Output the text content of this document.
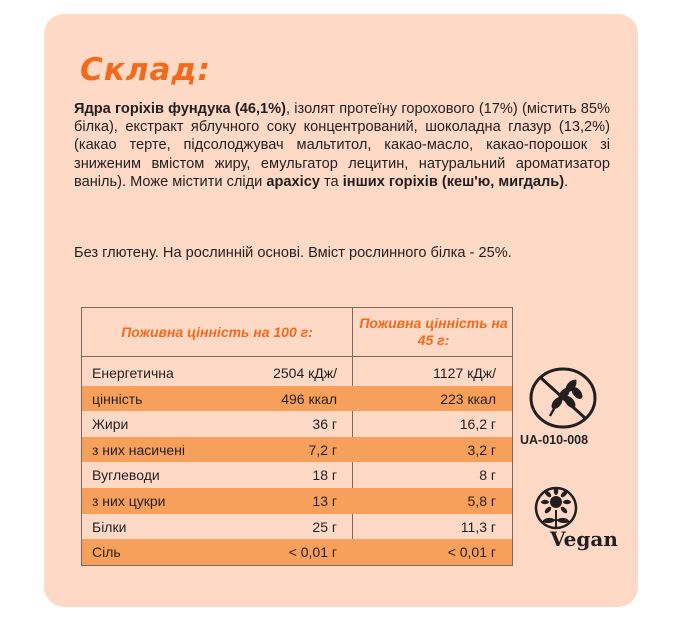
Склад:
Ядра горіхів фундука (46,1%), ізолят протеїну горохового (17%) (містить 85% білка), екстракт яблучного соку концентрований, шоколадна глазур (13,2%) (какао терте, підсолоджувач мальтитол, какао-масло, какао-порошок зі зниженим вмістом жиру, емульгатор лецитин, натуральний ароматизатор ваніль). Може містити сліди арахісу та інших горіхів (кеш'ю, мигдаль).
Без глютену. На рослинній основі. Вміст рослинного білка - 25%.
Поживна цінність на 100 г:
Поживна цінність на 45 г:
Енергетична	2504 кДж/	1127 кДж/
цінність	496 ккал	223 ккал
Жири	36 г	16,2 г
з них насичені	7,2 г	3,2 г
Вуглеводи	18 г	8 г
з них цукри	13 г	5,8 г
Білки	25 г	11,3 г
Сіль	< 0,01 г	< 0,01 г
UA-010-008
Vegan
